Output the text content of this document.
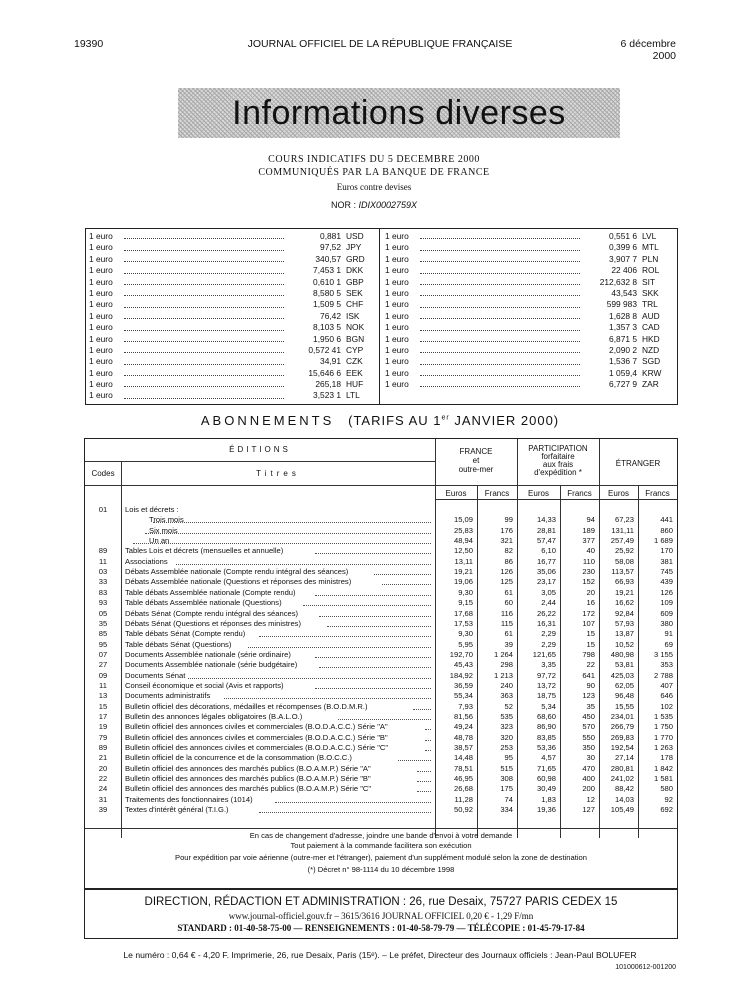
19390	JOURNAL OFFICIEL DE LA RÉPUBLIQUE FRANÇAISE	6 décembre 2000
Informations diverses
COURS INDICATIFS DU 5 DECEMBRE 2000
COMMUNIQUÉS PAR LA BANQUE DE FRANCE
Euros contre devises
NOR : IDIX0002759X
1 euro	0,881 USD
1 euro	97,52 JPY
1 euro	340,57 GRD
1 euro	7,453 1 DKK
1 euro	0,610 1 GBP
1 euro	8,580 5 SEK
1 euro	1,509 5 CHF
1 euro	76,42 ISK
1 euro	8,103 5 NOK
1 euro	1,950 6 BGN
1 euro	0,572 41 CYP
1 euro	34,91 CZK
1 euro	15,646 6 EEK
1 euro	265,18 HUF
1 euro	3,523 1 LTL
1 euro	0,551 6 LVL
1 euro	0,399 6 MTL
1 euro	3,907 7 PLN
1 euro	22 406 ROL
1 euro	212,632 8 SIT
1 euro	43,543 SKK
1 euro	599 983 TRL
1 euro	1,628 8 AUD
1 euro	1,357 3 CAD
1 euro	6,871 5 HKD
1 euro	2,090 2 NZD
1 euro	1,536 7 SGD
1 euro	1 059,4 KRW
1 euro	6,727 9 ZAR
ABONNEMENTS (TARIFS AU 1er JANVIER 2000)
ÉDITIONS
Codes	Titres
FRANCE
et
outre-mer
PARTICIPATION
forfaitaire
aux frais
d'expédition *
ÉTRANGER
Euros	Francs	Euros	Francs	Euros	Francs
01	Lois et décrets :
Trois mois	15,09	99	14,33	94	67,23	441
Six mois	25,83	176	28,81	189	131,11	860
Un an	48,94	321	57,47	377	257,49	1 689
89	Tables Lois et décrets (mensuelles et annuelle)	12,50	82	6,10	40	25,92	170
11	Associations	13,11	86	16,77	110	58,08	381
03	Débats Assemblée nationale (Compte rendu intégral des séances)	19,21	126	35,06	230	113,57	745
33	Débats Assemblée nationale (Questions et réponses des ministres)	19,06	125	23,17	152	66,93	439
83	Table débats Assemblée nationale (Compte rendu)	9,30	61	3,05	20	19,21	126
93	Table débats Assemblée nationale (Questions)	9,15	60	2,44	16	16,62	109
05	Débats Sénat (Compte rendu intégral des séances)	17,68	116	26,22	172	92,84	609
35	Débats Sénat (Questions et réponses des ministres)	17,53	115	16,31	107	57,93	380
85	Table débats Sénat (Compte rendu)	9,30	61	2,29	15	13,87	91
95	Table débats Sénat (Questions)	5,95	39	2,29	15	10,52	69
07	Documents Assemblée nationale (série ordinaire)	192,70	1 264	121,65	798	480,98	3 155
27	Documents Assemblée nationale (série budgétaire)	45,43	298	3,35	22	53,81	353
09	Documents Sénat	184,92	1 213	97,72	641	425,03	2 788
11	Conseil économique et social (Avis et rapports)	36,59	240	13,72	90	62,05	407
13	Documents administratifs	55,34	363	18,75	123	96,48	646
15	Bulletin officiel des décorations, médailles et récompenses (B.O.D.M.R.)	7,93	52	5,34	35	15,55	102
17	Bulletin des annonces légales obligatoires (B.A.L.O.)	81,56	535	68,60	450	234,01	1 535
19	Bulletin officiel des annonces civiles et commerciales (B.O.D.A.C.C.) Série "A"	49,24	323	86,90	570	266,79	1 750
79	Bulletin officiel des annonces civiles et commerciales (B.O.D.A.C.C.) Série "B"	48,78	320	83,85	550	269,83	1 770
89	Bulletin officiel des annonces civiles et commerciales (B.O.D.A.C.C.) Série "C"	38,57	253	53,36	350	192,54	1 263
21	Bulletin officiel de la concurrence et de la consommation (B.O.C.C.)	14,48	95	4,57	30	27,14	178
20	Bulletin officiel des annonces des marchés publics (B.O.A.M.P.) Série "A"	78,51	515	71,65	470	280,81	1 842
22	Bulletin officiel des annonces des marchés publics (B.O.A.M.P.) Série "B"	46,95	308	60,98	400	241,02	1 581
24	Bulletin officiel des annonces des marchés publics (B.O.A.M.P.) Série "C"	26,68	175	30,49	200	88,42	580
31	Traitements des fonctionnaires (1014)	11,28	74	1,83	12	14,03	92
39	Textes d'intérêt général (T.I.G.)	50,92	334	19,36	127	105,49	692
En cas de changement d'adresse, joindre une bande d'envoi à votre demande
Tout paiement à la commande facilitera son exécution
Pour expédition par voie aérienne (outre-mer et l'étranger), paiement d'un supplément modulé selon la zone de destination
(*) Décret n° 98-1114 du 10 décembre 1998
DIRECTION, RÉDACTION ET ADMINISTRATION : 26, rue Desaix, 75727 PARIS CEDEX 15
www.journal-officiel.gouv.fr – 3615/3616 JOURNAL OFFICIEL 0,20 € - 1,29 F/mn
STANDARD : 01-40-58-75-00 — RENSEIGNEMENTS : 01-40-58-79-79 — TÉLÉCOPIE : 01-45-79-17-84
Le numéro : 0,64 € - 4,20 F. Imprimerie, 26, rue Desaix, Paris (15ᵉ). – Le préfet, Directeur des Journaux officiels : Jean-Paul BOLUFER
101000612-001200
